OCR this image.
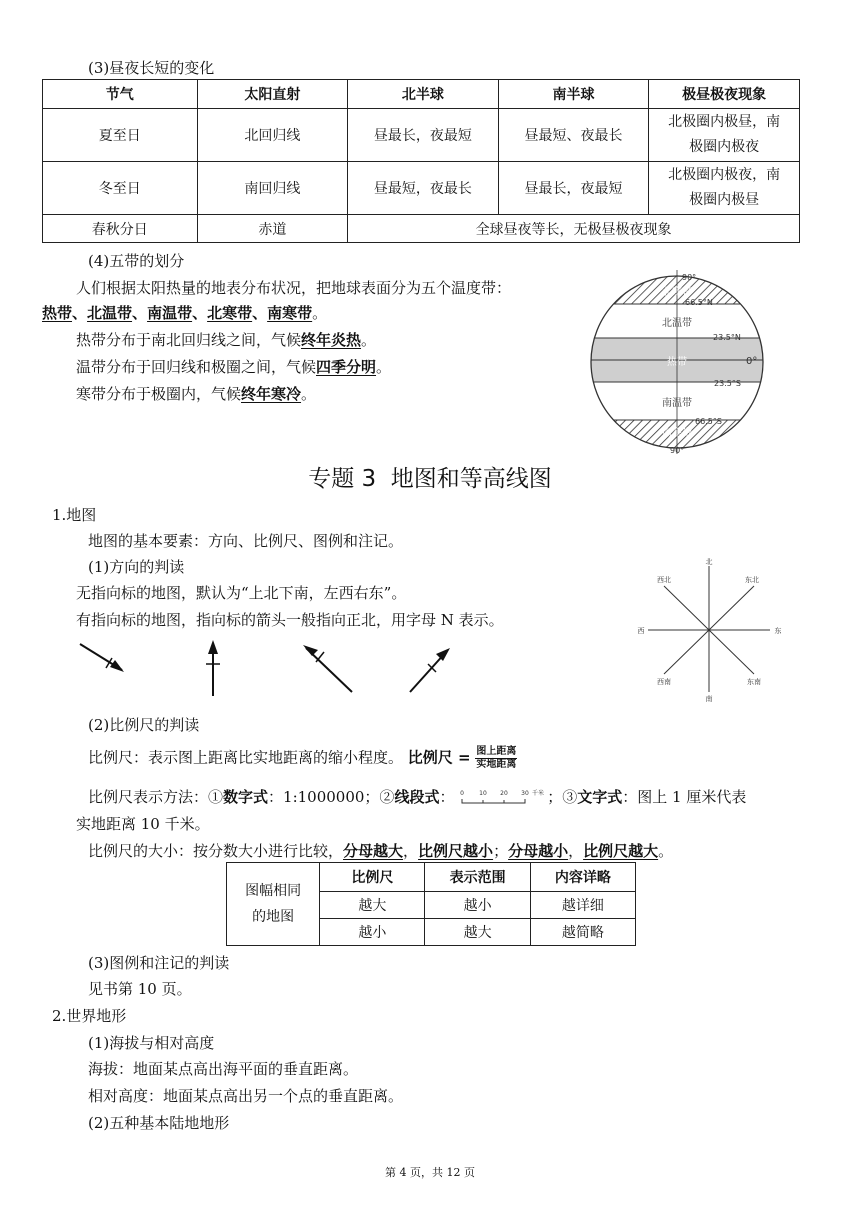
(3)昼夜长短的变化
节气	太阳直射	北半球	南半球	极昼极夜现象
夏至日	北回归线	昼最长，夜最短	昼最短、夜最长	北极圈内极昼，南
极圈内极夜
冬至日	南回归线	昼最短，夜最长	昼最长，夜最短	北极圈内极夜，南
极圈内极昼
春秋分日	赤道	全球昼夜等长，无极昼极夜现象		
(4)五带的划分
人们根据太阳热量的地表分布状况，把地球表面分为五个温度带：
热带、北温带、南温带、北寒带、南寒带。
热带分布于南北回归线之间，气候终年炎热。
温带分布于回归线和极圈之间，气候四季分明。
寒带分布于极圈内，气候终年寒冷。
90°
66.5°N
23.5°N
0°
23.5°S
66.5°S
90°
北寒带
北温带
热带
南温带
南寒带
专题 3  地图和等高线图
1.地图
地图的基本要素：方向、比例尺、图例和注记。
(1)方向的判读
无指向标的地图，默认为“上北下南，左西右东”。
有指向标的地图，指向标的箭头一般指向正北，用字母 N 表示。
北
南
东
西
东北
西北
东南
西南
(2)比例尺的判读
比例尺：表示图上距离比实地距离的缩小程度。 比例尺 = $\frac{\text{图上距离}}{\text{实地距离}}$
比例尺表示方法：①数字式：1:1000000；②线段式： 0	10 20 30 千米 ；③文字式：图上 1 厘米代表
实地距离 10 千米。
比例尺的大小：按分数大小进行比较，分母越大，比例尺越小；分母越小，比例尺越大。
图幅相同
的地图	比例尺	表示范围	内容详略
	越大	越小	越详细
	越小	越大	越简略
(3)图例和注记的判读
见书第 10 页。
2.世界地形
(1)海拔与相对高度
海拔：地面某点高出海平面的垂直距离。
相对高度：地面某点高出另一个点的垂直距离。
(2)五种基本陆地地形
第 4 页，共 12 页
